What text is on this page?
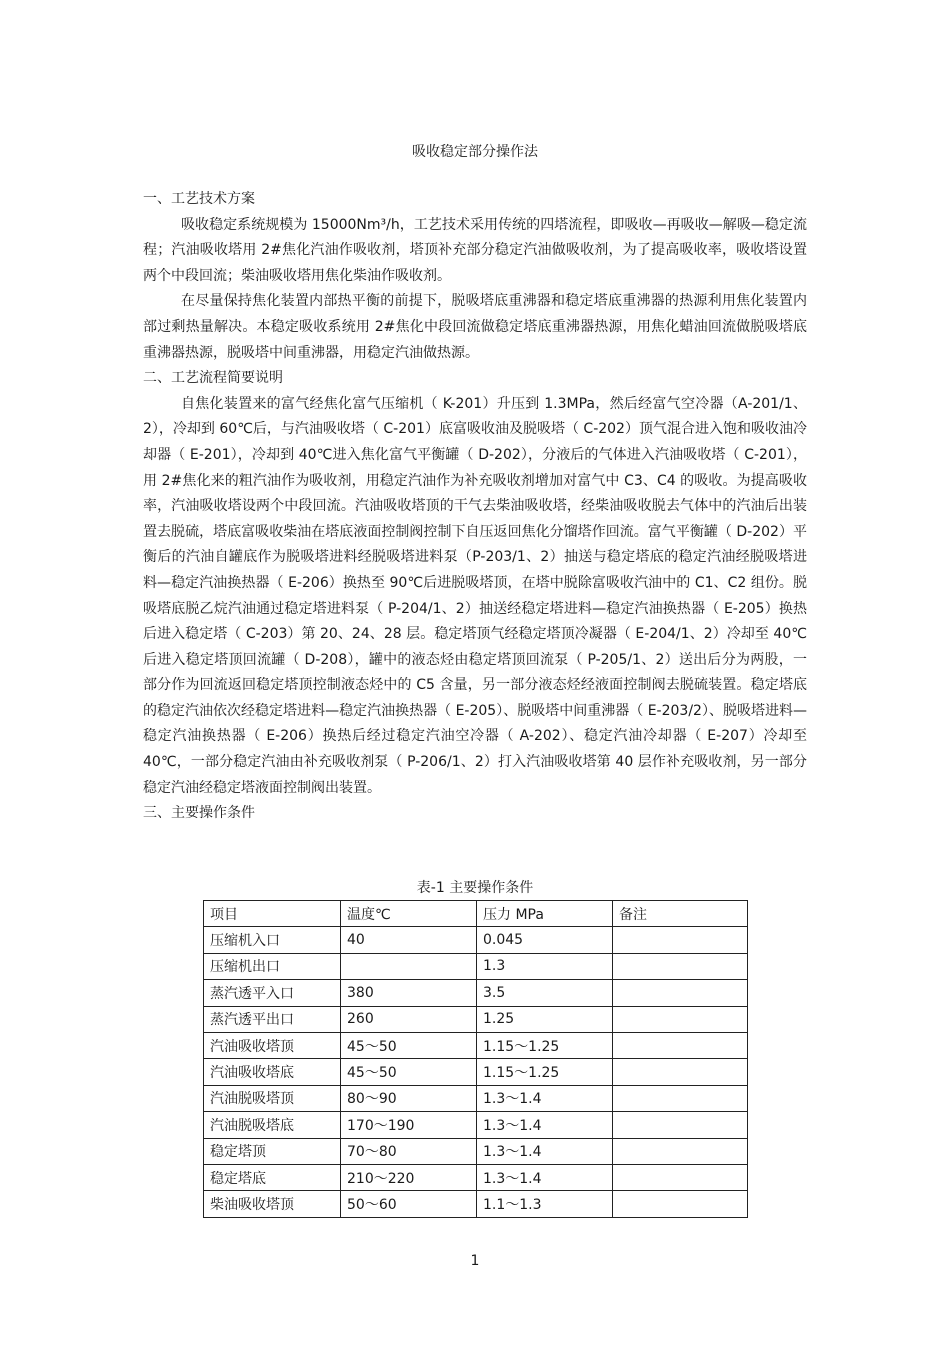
吸收稳定部分操作法

一、工艺技术方案

吸收稳定系统规模为 15000Nm³/h，工艺技术采用传统的四塔流程，即吸收—再吸收—解吸—稳定流程；汽油吸收塔用 2#焦化汽油作吸收剂，塔顶补充部分稳定汽油做吸收剂，为了提高吸收率，吸收塔设置两个中段回流；柴油吸收塔用焦化柴油作吸收剂。

在尽量保持焦化装置内部热平衡的前提下，脱吸塔底重沸器和稳定塔底重沸器的热源利用焦化装置内部过剩热量解决。本稳定吸收系统用 2#焦化中段回流做稳定塔底重沸器热源，用焦化蜡油回流做脱吸塔底重沸器热源，脱吸塔中间重沸器，用稳定汽油做热源。

二、工艺流程简要说明

自焦化装置来的富气经焦化富气压缩机（ K-201）升压到 1.3MPa，然后经富气空冷器（A-201/1、2），冷却到 60℃后，与汽油吸收塔（ C-201）底富吸收油及脱吸塔（ C-202）顶气混合进入饱和吸收油冷却器（ E-201），冷却到 40℃进入焦化富气平衡罐（ D-202），分液后的气体进入汽油吸收塔（ C-201），用 2#焦化来的粗汽油作为吸收剂，用稳定汽油作为补充吸收剂增加对富气中 C3、C4 的吸收。为提高吸收率，汽油吸收塔设两个中段回流。汽油吸收塔顶的干气去柴油吸收塔，经柴油吸收脱去气体中的汽油后出装置去脱硫，塔底富吸收柴油在塔底液面控制阀控制下自压返回焦化分馏塔作回流。富气平衡罐（ D-202）平衡后的汽油自罐底作为脱吸塔进料经脱吸塔进料泵（P-203/1、2）抽送与稳定塔底的稳定汽油经脱吸塔进料—稳定汽油换热器（ E-206）换热至 90℃后进脱吸塔顶，在塔中脱除富吸收汽油中的 C1、C2 组份。脱吸塔底脱乙烷汽油通过稳定塔进料泵（ P-204/1、2）抽送经稳定塔进料—稳定汽油换热器（ E-205）换热后进入稳定塔（ C-203）第 20、24、28 层。稳定塔顶气经稳定塔顶冷凝器（ E-204/1、2）冷却至 40℃后进入稳定塔顶回流罐（ D-208），罐中的液态烃由稳定塔顶回流泵（ P-205/1、2）送出后分为两股，一部分作为回流返回稳定塔顶控制液态烃中的 C5 含量，另一部分液态烃经液面控制阀去脱硫装置。稳定塔底的稳定汽油依次经稳定塔进料—稳定汽油换热器（ E-205）、脱吸塔中间重沸器（ E-203/2）、脱吸塔进料—稳定汽油换热器（ E-206）换热后经过稳定汽油空冷器（ A-202）、稳定汽油冷却器（ E-207）冷却至 40℃，一部分稳定汽油由补充吸收剂泵（ P-206/1、2）打入汽油吸收塔第 40 层作补充吸收剂，另一部分稳定汽油经稳定塔液面控制阀出装置。

三、主要操作条件

表-1 主要操作条件
项目	温度℃	压力 MPa	备注
压缩机入口	40	0.045	
压缩机出口		1.3	
蒸汽透平入口	380	3.5	
蒸汽透平出口	260	1.25	
汽油吸收塔顶	45～50	1.15～1.25	
汽油吸收塔底	45～50	1.15～1.25	
汽油脱吸塔顶	80～90	1.3～1.4	
汽油脱吸塔底	170～190	1.3～1.4	
稳定塔顶	70～80	1.3～1.4	
稳定塔底	210～220	1.3～1.4	
柴油吸收塔顶	50～60	1.1～1.3	
1
